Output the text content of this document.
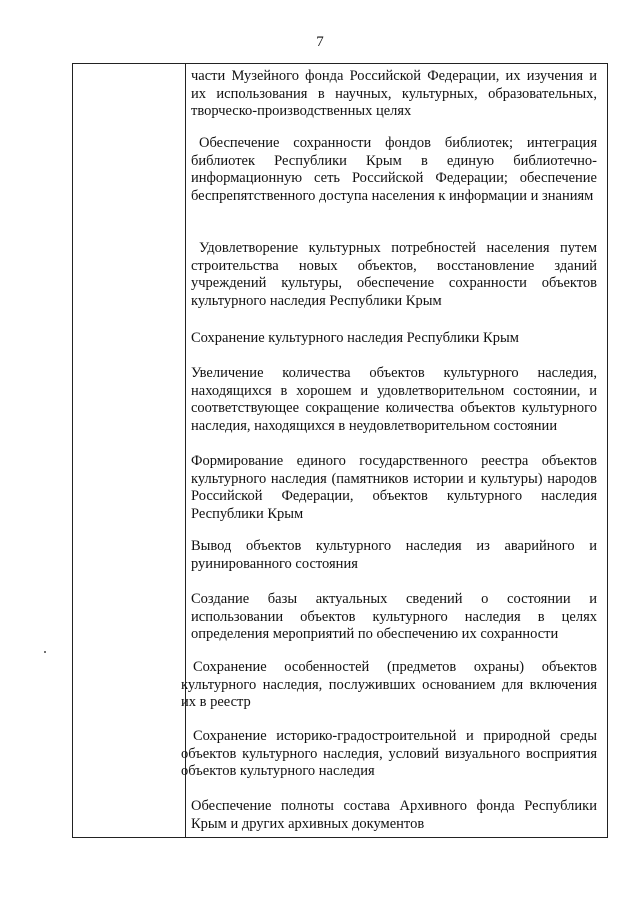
7

части Музейного фонда Российской Федерации, их изучения и их использования в научных, культурных, образовательных, творческо-производственных целях

Обеспечение сохранности фондов библиотек; интеграция библиотек Республики Крым в единую библиотечно-информационную сеть Российской Федерации; обеспечение беспрепятственного доступа населения к информации и знаниям

Удовлетворение культурных потребностей населения путем строительства новых объектов, восстановление зданий учреждений культуры, обеспечение сохранности объектов культурного наследия Республики Крым

Сохранение культурного наследия Республики Крым

Увеличение количества объектов культурного наследия, находящихся в хорошем и удовлетворительном состоянии, и соответствующее сокращение количества объектов культурного наследия, находящихся в неудовлетворительном состоянии

Формирование единого государственного реестра объектов культурного наследия (памятников истории и культуры) народов Российской Федерации, объектов культурного наследия Республики Крым

Вывод объектов культурного наследия из аварийного и руинированного состояния

Создание базы актуальных сведений о состоянии и использовании объектов культурного наследия в целях определения мероприятий по обеспечению их сохранности

Сохранение особенностей (предметов охраны) объектов культурного наследия, послуживших основанием для включения их в реестр

Сохранение историко-градостроительной и природной среды объектов культурного наследия, условий визуального восприятия объектов культурного наследия

Обеспечение полноты состава Архивного фонда Республики Крым и других архивных документов
